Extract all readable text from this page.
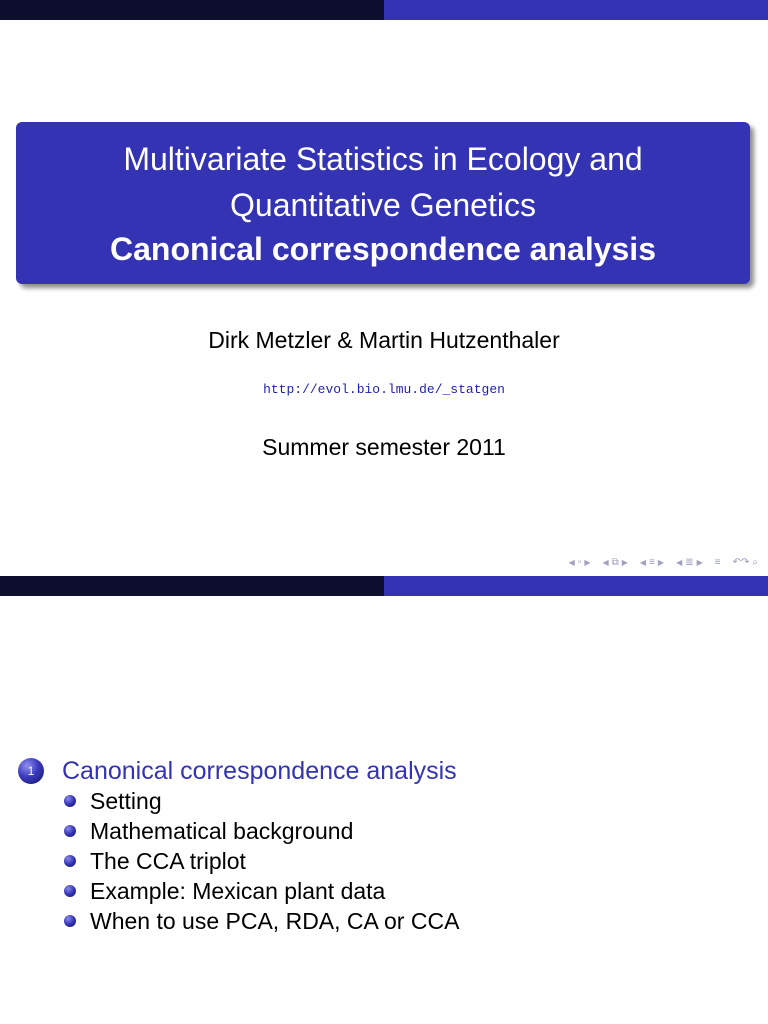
Multivariate Statistics in Ecology and
Quantitative Genetics
Canonical correspondence analysis
Dirk Metzler & Martin Hutzenthaler
http://evol.bio.lmu.de/_statgen
Summer semester 2011
◀ ▫ ▶ ◀ ⧉ ▶ ◀ ≡ ▶ ◀ ≣ ▶ ≡ ↶↷ ⌕
1	Canonical correspondence analysis
Setting
Mathematical background
The CCA triplot
Example: Mexican plant data
When to use PCA, RDA, CA or CCA
